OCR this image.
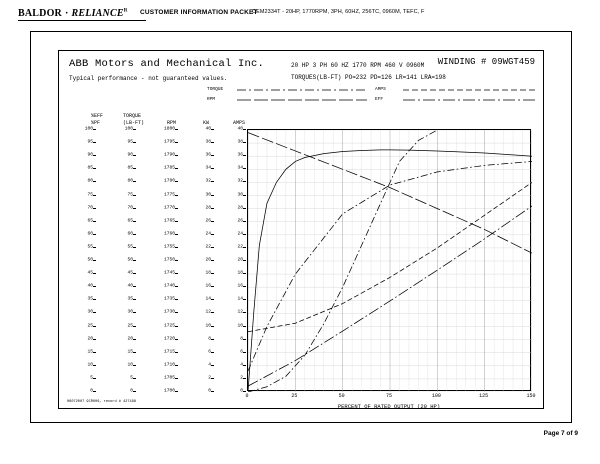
BALDOR · $RELIANCE^R$ CUSTOMER INFORMATION PACKET
CEM2334T - 20HP, 1770RPM, 3PH, 60HZ, 256TC, 0960M, TEFC, F
ABB Motors and Mechanical Inc.
Typical performance - not guaranteed values.
20 HP 3 PH 60 HZ 1770 RPM 460 V 0960M
TORQUES(LB-FT) PO=232 PD=126 LR=141 LRA=198
WINDING # 09WGT459
TORQUE	AMPS
RPM	EFF

%EFF

%PF

TORQUE

(LB-FT)
	RPM
	KW
	AMPS

100
95
90
85
80
75
70
65
60
55
50
45
40
35
30
25
20
15
10
5
0
100
95
90
85
80
75
70
65
60
55
50
45
40
35
30
25
20
15
10
5
0
1800
1795
1790
1785
1780
1775
1770
1765
1760
1755
1750
1745
1740
1735
1730
1725
1720
1715
1710
1705
1700
40
38
36
34
32
30
28
26
24
22
20
18
16
14
12
10
8
6
4
2
0
40
38
36
34
32
30
28
26
24
22
20
18
16
14
12
10
8
6
4
2
0
0	25	50	75	100	125	150
PERCENT OF RATED OUTPUT (20 HP)
06072007 9CR006, record # 427498
Page 7 of 9
